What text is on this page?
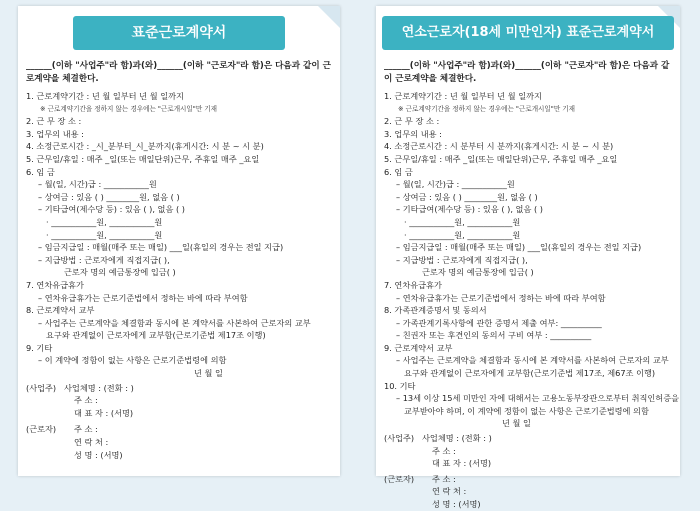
표준근로계약서
______(이하 "사업주"라 함)과(와)______(이하 "근로자"라 함)은 다음과 같이 근로계약을 체결한다.
1. 근로계약기간 : 년 월 일부터 년 월 일까지
※ 근로계약기간을 정하지 않는 경우에는 "근로개시일"만 기재
2. 근 무 장 소 :
3. 업무의 내용 :
4. 소정근로시간 : _시_분부터_시_분까지(휴게시간: 시 분 ~ 시 분)
5. 근무일/휴일 : 매주 _일(또는 매일단위)근무, 주휴일 매주 _요일
6. 임 금
– 월(일, 시간)급 : ___________원
– 상여금 : 있음 ( ) ________원, 없음 ( )
– 기타급여(제수당 등) : 있음 ( ), 없음 ( )
· ___________원, ___________원
· ___________원, ___________원
– 임금지급일 : 매월(매주 또는 매일) ___일(휴일의 경우는 전일 지급)
– 지급방법 : 근로자에게 직접지급( ),
근로자 명의 예금통장에 입금( )
7. 연차유급휴가
– 연차유급휴가는 근로기준법에서 정하는 바에 따라 부여함
8. 근로계약서 교부
– 사업주는 근로계약을 체결함과 동시에 본 계약서를 사본하여 근로자의 교부
요구와 관계없이 근로자에게 교부함(근로기준법 제17조 이행)
9. 기타
– 이 계약에 정함이 없는 사항은 근로기준법령에 의함
년 월 일
(사업주) 사업체명 : (전화 : )
주 소 :
대 표 자 : (서명)
(근로자)	주 소 :
연 락 처 :
성 명 : (서명)
연소근로자(18세 미만인자) 표준근로계약서
______(이하 "사업주"라 함)과(와)______(이하 "근로자"라 함)은 다음과 같이 근로계약을 체결한다.
1. 근로계약기간 : 년 월 일부터 년 월 일까지
※ 근로계약기간을 정하지 않는 경우에는 "근로개시일"만 기재
2. 근 무 장 소 :
3. 업무의 내용 :
4. 소정근로시간 : 시 분부터 시 분까지(휴게시간: 시 분 ~ 시 분)
5. 근무일/휴일 : 매주 _일(또는 매일단위)근무, 주휴일 매주 _요일
6. 임 금
– 월(일, 시간)급 : ___________원
– 상여금 : 있음 ( ) ________원, 없음 ( )
– 기타급여(제수당 등) : 있음 ( ), 없음 ( )
· ___________원, ___________원
· ___________원, ___________원
– 임금지급일 : 매월(매주 또는 매일) ___일(휴일의 경우는 전일 지급)
– 지급방법 : 근로자에게 직접지급( ),
근로자 명의 예금통장에 입금( )
7. 연차유급휴가
– 연차유급휴가는 근로기준법에서 정하는 바에 따라 부여함
8. 가족관계증명서 및 동의서
– 가족관계기록사항에 관한 증명서 제출 여부: __________
– 친권자 또는 후견인의 동의서 구비 여부 : __________
9. 근로계약서 교부
– 사업주는 근로계약을 체결함과 동시에 본 계약서를 사본하여 근로자의 교부
요구와 관계없이 근로자에게 교부함(근로기준법 제17조, 제67조 이행)
10. 기타
– 13세 이상 15세 미만인 자에 대해서는 고용노동부장관으로부터 취직인허증을
교부받아야 하며, 이 계약에 정함이 없는 사항은 근로기준법령에 의함
년 월 일
(사업주) 사업체명 : (전화 : )
주 소 :
대 표 자 : (서명)
(근로자)	주 소 :
연 락 처 :
성 명 : (서명)
